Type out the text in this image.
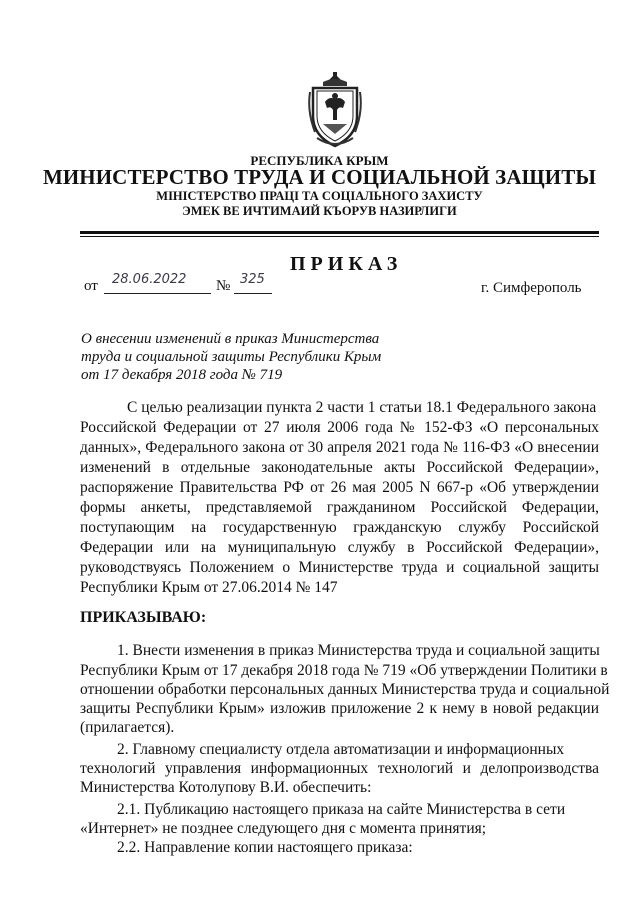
РЕСПУБЛИКА КРЫМ
МИНИСТЕРСТВО ТРУДА И СОЦИАЛЬНОЙ ЗАЩИТЫ
МІНІСТЕРСТВО ПРАЦІ ТА СОЦІАЛЬНОГО ЗАХИСТУ
ЭМЕК ВЕ ИЧТИМАИЙ КЪОРУВ НАЗИРЛИГИ
ПРИКАЗ
от 28.06.2022 № 325
г. Симферополь
О внесении изменений в приказ Министерства
труда и социальной защиты Республики Крым
от 17 декабря 2018 года № 719
С целью реализации пункта 2 части 1 статьи 18.1 Федерального закона
Российской Федерации от 27 июля 2006 года № 152-ФЗ «О персональных
данных», Федерального закона от 30 апреля 2021 года № 116-ФЗ «О внесении
изменений в отдельные законодательные акты Российской Федерации»,
распоряжение Правительства РФ от 26 мая 2005 N 667-р «Об утверждении
формы анкеты, представляемой гражданином Российской Федерации,
поступающим на государственную гражданскую службу Российской
Федерации или на муниципальную службу в Российской Федерации»,
руководствуясь Положением о Министерстве труда и социальной защиты
Республики Крым от 27.06.2014 № 147
ПРИКАЗЫВАЮ:
1. Внести изменения в приказ Министерства труда и социальной защиты
Республики Крым от 17 декабря 2018 года № 719 «Об утверждении Политики в
отношении обработки персональных данных Министерства труда и социальной
защиты Республики Крым» изложив приложение 2 к нему в новой редакции
(прилагается).
2. Главному специалисту отдела автоматизации и информационных
технологий управления информационных технологий и делопроизводства
Министерства Котолупову В.И. обеспечить:
2.1. Публикацию настоящего приказа на сайте Министерства в сети
«Интернет» не позднее следующего дня с момента принятия;
2.2. Направление копии настоящего приказа:
